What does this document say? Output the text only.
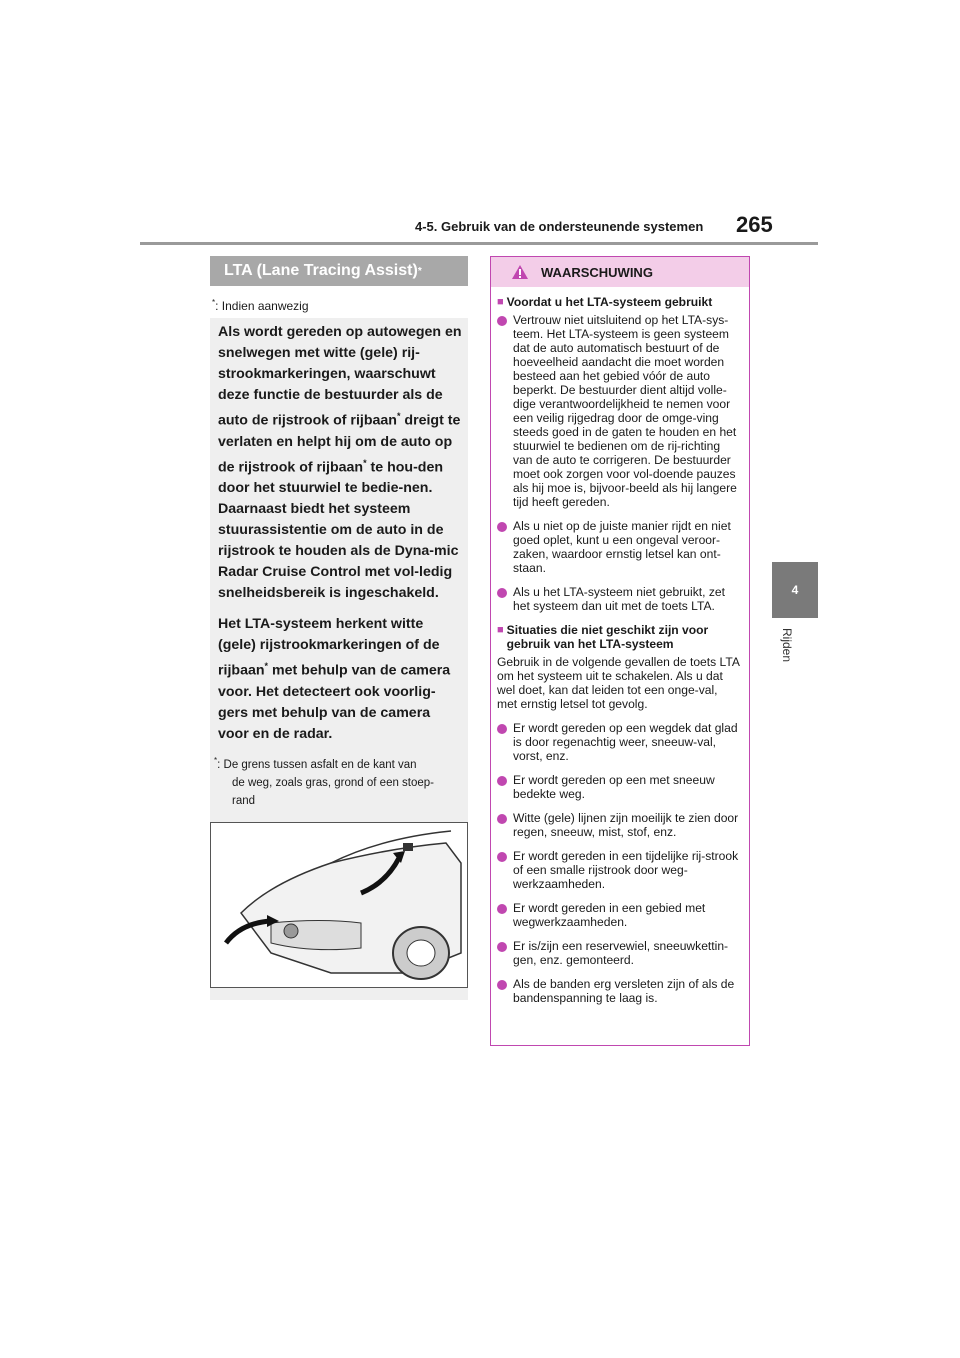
4-5. Gebruik van de ondersteunende systemen 265
4
Rijden
LTA (Lane Tracing Assist) *
*: Indien aanwezig

Als wordt gereden op autowegen en snelwegen met witte (gele) rij-strookmarkeringen, waarschuwt deze functie de bestuurder als de auto de rijstrook of rijbaan* dreigt te verlaten en helpt hij om de auto op de rijstrook of rijbaan* te hou-den door het stuurwiel te bedie-nen. Daarnaast biedt het systeem stuurassistentie om de auto in de rijstrook te houden als de Dyna-mic Radar Cruise Control met vol-ledig snelheidsbereik is ingeschakeld.

Het LTA-systeem herkent witte (gele) rijstrookmarkeringen of de rijbaan* met behulp van de camera voor. Het detecteert ook voorlig-gers met behulp van de camera voor en de radar.

*: De grens tussen asfalt en de kant van
de weg, zoals gras, grond of een stoep-
rand
WAARSCHUWING
■ Voordat u het LTA-systeem gebruikt
Vertrouw niet uitsluitend op het LTA-sys-teem. Het LTA-systeem is geen systeem dat de auto automatisch bestuurt of de hoeveelheid aandacht die moet worden besteed aan het gebied vóór de auto beperkt. De bestuurder dient altijd volle-dige verantwoordelijkheid te nemen voor een veilig rijgedrag door de omge-ving steeds goed in de gaten te houden en het stuurwiel te bedienen om de rij-richting van de auto te corrigeren. De bestuurder moet ook zorgen voor vol-doende pauzes als hij moe is, bijvoor-beeld als hij langere tijd heeft gereden.
Als u niet op de juiste manier rijdt en niet goed oplet, kunt u een ongeval veroor-zaken, waardoor ernstig letsel kan ont-staan.
Als u het LTA-systeem niet gebruikt, zet het systeem dan uit met de toets LTA.
■ Situaties die niet geschikt zijn voor gebruik van het LTA-systeem
Gebruik in de volgende gevallen de toets LTA om het systeem uit te schakelen. Als u dat wel doet, kan dat leiden tot een onge-val, met ernstig letsel tot gevolg.
Er wordt gereden op een wegdek dat glad is door regenachtig weer, sneeuw-val, vorst, enz.
Er wordt gereden op een met sneeuw bedekte weg.
Witte (gele) lijnen zijn moeilijk te zien door regen, sneeuw, mist, stof, enz.
Er wordt gereden in een tijdelijke rij-strook of een smalle rijstrook door weg-werkzaamheden.
Er wordt gereden in een gebied met wegwerkzaamheden.
Er is/zijn een reservewiel, sneeuwkettin-gen, enz. gemonteerd.
Als de banden erg versleten zijn of als de bandenspanning te laag is.
